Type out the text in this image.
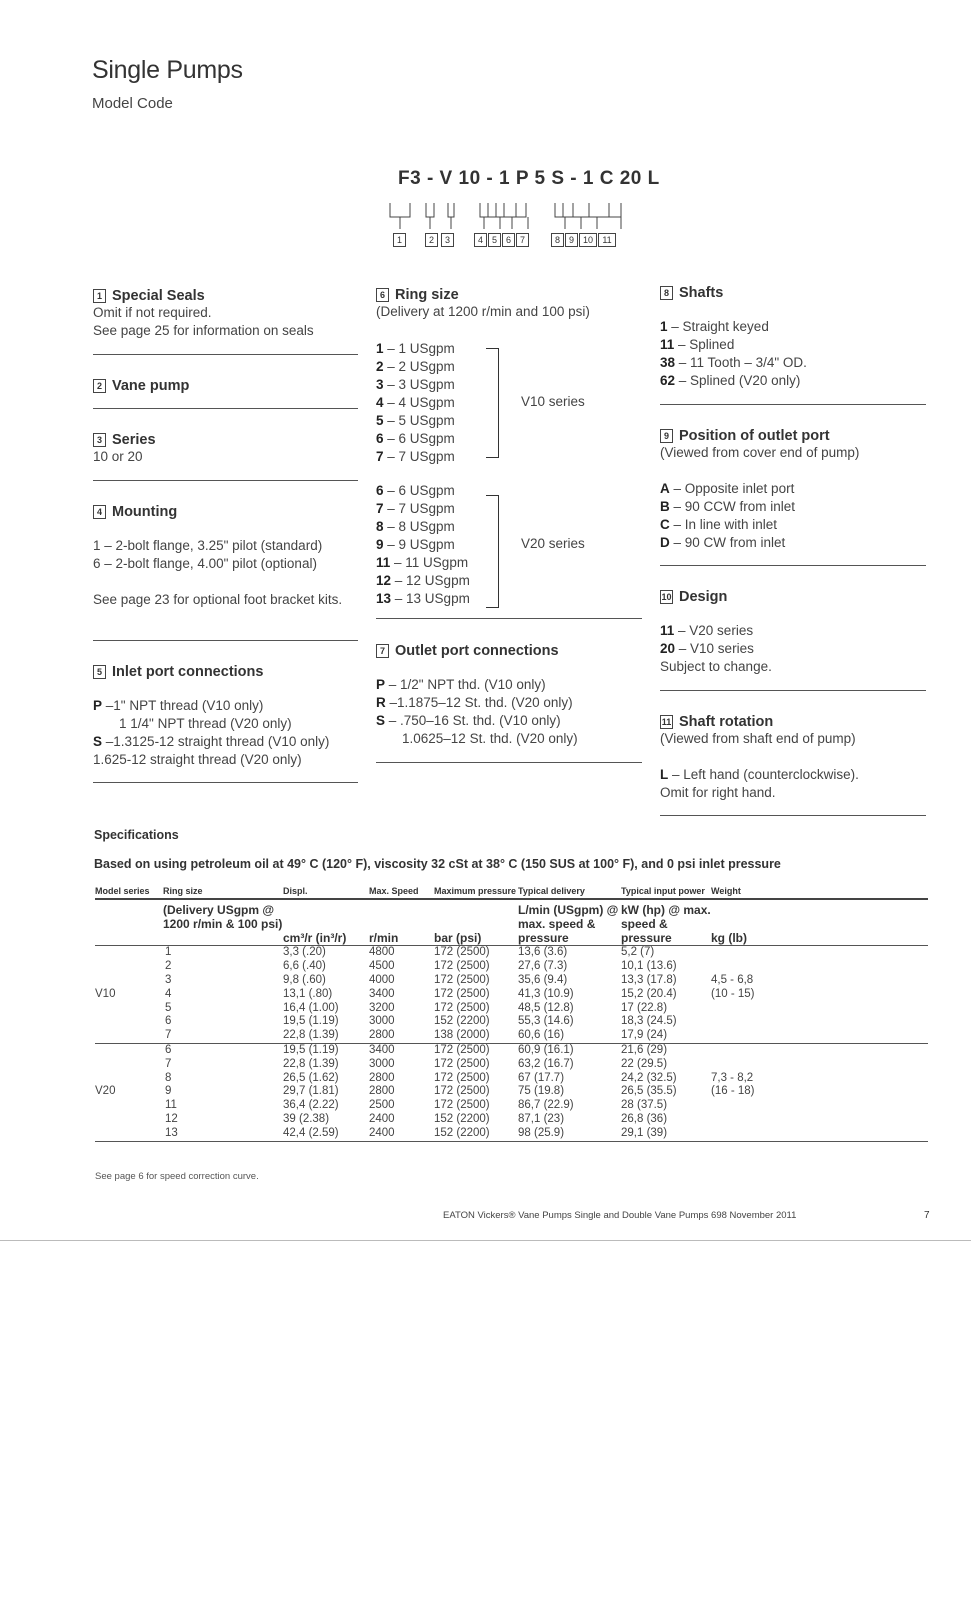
Single Pumps
Model Code
F3 - V 10 - 1 P 5 S - 1 C 20 L
1	2 3	4 5 6 7	8 9 10 11
1 Special Seals
Omit if not required.
See page 25 for information on seals
2 Vane pump
3 Series
10 or 20
4 Mounting
1 – 2-bolt flange, 3.25" pilot (standard)
6 – 2-bolt flange, 4.00" pilot (optional)
See page 23 for optional foot bracket kits.
5 Inlet port connections
P –1" NPT thread (V10 only)
1 1/4" NPT thread (V20 only)
S –1.3125-12 straight thread (V10 only)
1.625-12 straight thread (V20 only)
6 Ring size
(Delivery at 1200 r/min and 100 psi)
1 – 1 USgpm
2 – 2 USgpm
3 – 3 USgpm
4 – 4 USgpm
5 – 5 USgpm
6 – 6 USgpm
7 – 7 USgpm
V10 series
6 – 6 USgpm
7 – 7 USgpm
8 – 8 USgpm
9 – 9 USgpm
11 – 11 USgpm
12 – 12 USgpm
13 – 13 USgpm
V20 series
7 Outlet port connections
P – 1/2" NPT thd. (V10 only)
R –1.1875–12 St. thd. (V20 only)
S – .750–16 St. thd. (V10 only)
1.0625–12 St. thd. (V20 only)
8 Shafts
1 – Straight keyed
11 – Splined
38 – 11 Tooth – 3/4" OD.
62 – Splined (V20 only)
9 Position of outlet port
(Viewed from cover end of pump)
A – Opposite inlet port
B – 90 CCW from inlet
C – In line with inlet
D – 90 CW from inlet
10 Design
11 – V20 series
20 – V10 series
Subject to change.
11 Shaft rotation
(Viewed from shaft end of pump)
L – Left hand (counterclockwise).
Omit for right hand.
Specifications
Based on using petroleum oil at 49° C (120° F), viscosity 32 cSt at 38° C (150 SUS at 100° F), and 0 psi inlet pressure
Model series	Ring size	Displ.	Max. Speed	Maximum pressure	Typical delivery	Typical input power	Weight
	(Delivery USgpm @ 1200 r/min & 100 psi)	cm³/r (in³/r)	r/min	bar (psi)	L/min (USgpm) @ max. speed & pressure	kW (hp) @ max. speed & pressure	kg (lb)
	1	3,3 (.20)	4800	172 (2500)	13,6 (3.6)	5,2 (7)	
	2	6,6 (.40)	4500	172 (2500)	27,6 (7.3)	10,1 (13.6)	
	3	9,8 (.60)	4000	172 (2500)	35,6 (9.4)	13,3 (17.8)	4,5 - 6,8
V10	4	13,1 (.80)	3400	172 (2500)	41,3 (10.9)	15,2 (20.4)	(10 - 15)
	5	16,4 (1.00)	3200	172 (2500)	48,5 (12.8)	17 (22.8)	
	6	19,5 (1.19)	3000	152 (2200)	55,3 (14.6)	18,3 (24.5)	
	7	22,8 (1.39)	2800	138 (2000)	60,6 (16)	17,9 (24)	
	6	19,5 (1.19)	3400	172 (2500)	60,9 (16.1)	21,6 (29)	
	7	22,8 (1.39)	3000	172 (2500)	63,2 (16.7)	22 (29.5)	
	8	26,5 (1.62)	2800	172 (2500)	67 (17.7)	24,2 (32.5)	7,3 - 8,2
V20	9	29,7 (1.81)	2800	172 (2500)	75 (19.8)	26,5 (35.5)	(16 - 18)
	11	36,4 (2.22)	2500	172 (2500)	86,7 (22.9)	28 (37.5)	
	12	39 (2.38)	2400	152 (2200)	87,1 (23)	26,8 (36)	
	13	42,4 (2.59)	2400	152 (2200)	98 (25.9)	29,1 (39)	
See page 6 for speed correction curve.
EATON Vickers® Vane Pumps Single and Double Vane Pumps 698 November 2011	7
